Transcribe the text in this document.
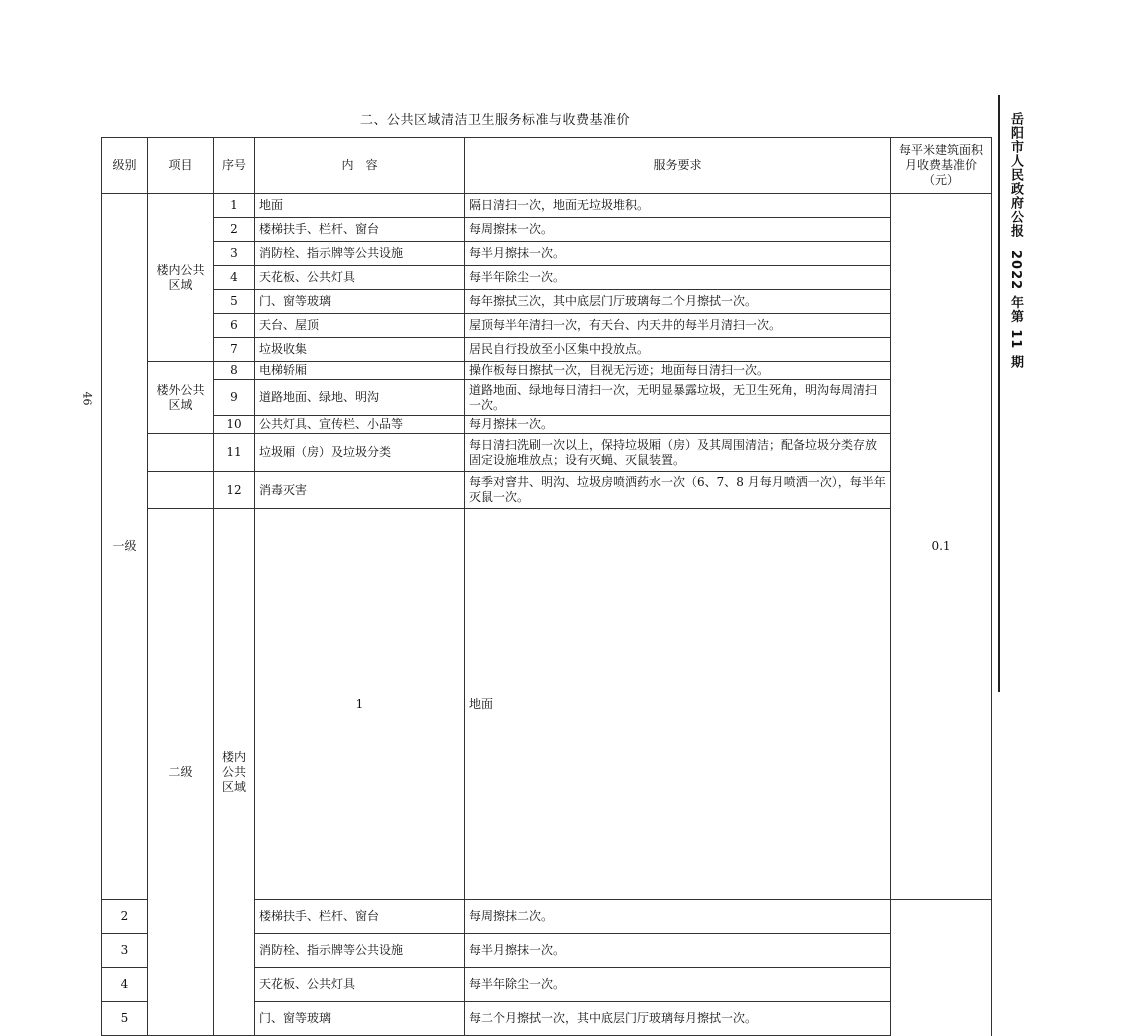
二、公共区域清洁卫生服务标准与收费基准价
46
岳阳市人民政府公报2022 年第 11 期
级别	项目	序号	内　容	服务要求	每平米建筑面积月收费基准价（元）	
一级	楼内公共区域	1	地面	隔日清扫一次，地面无垃圾堆积。	0.1	
		2	楼梯扶手、栏杆、窗台	每周擦抹一次。		
		3	消防栓、指示牌等公共设施	每半月擦抹一次。		
		4	天花板、公共灯具	每半年除尘一次。		
		5	门、窗等玻璃	每年擦拭三次，其中底层门厅玻璃每二个月擦拭一次。		
		6	天台、屋顶	屋顶每半年清扫一次，有天台、内天井的每半月清扫一次。		
		7	垃圾收集	居民自行投放至小区集中投放点。		
	楼外公共区域	8	电梯轿厢	操作板每日擦拭一次，目视无污迹；地面每日清扫一次。		
		9	道路地面、绿地、明沟	道路地面、绿地每日清扫一次，无明显暴露垃圾，无卫生死角，明沟每周清扫一次。		
		10	公共灯具、宣传栏、小品等	每月擦抹一次。		
		11	垃圾厢（房）及垃圾分类	每日清扫洗刷一次以上，保持垃圾厢（房）及其周围清洁；配备垃圾分类存放固定设施堆放点；设有灭蝇、灭鼠装置。		
		12	消毒灭害	每季对窨井、明沟、垃圾房喷洒药水一次（6、7、8 月每月喷洒一次），每半年灭鼠一次。		
	二级	楼内公共区域	1	地面		
2			楼梯扶手、栏杆、窗台	每周擦抹二次。		
3			消防栓、指示牌等公共设施	每半月擦抹一次。		
4			天花板、公共灯具	每半年除尘一次。		
5			门、窗等玻璃	每二个月擦拭一次，其中底层门厅玻璃每月擦拭一次。		
